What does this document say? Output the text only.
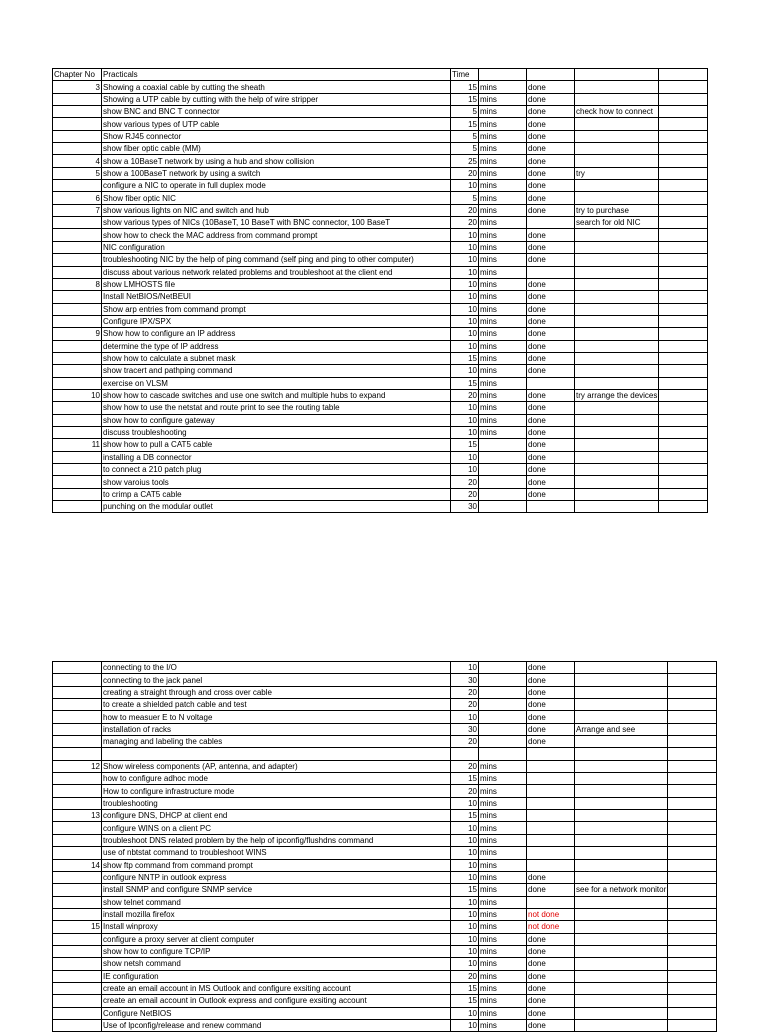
Chapter No	Practicals	Time				
3	Showing a coaxial cable by cutting the sheath	15	mins	done		
	Showing a UTP cable by cutting with the help of wire stripper	15	mins	done		
	show BNC and BNC T connector	5	mins	done	check how to connect	
	show various types of UTP cable	15	mins	done		
	Show RJ45 connector	5	mins	done		
	show fiber optic cable (MM)	5	mins	done		
4	show a 10BaseT network by using a hub and show collision	25	mins	done		
5	show a 100BaseT network by using a switch	20	mins	done	try	
	configure a NIC to operate in full duplex mode	10	mins	done		
6	Show fiber optic NIC	5	mins	done		
7	show various lights on NIC and switch and hub	20	mins	done	try to purchase	
	show various types of NICs (10BaseT, 10 BaseT with BNC connector, 100 BaseT	20	mins		search for old NIC	
	show how to check the MAC address from command prompt	10	mins	done		
	NIC configuration	10	mins	done		
	troubleshooting NIC by the help of ping command (self ping and ping to other computer)	10	mins	done		
	discuss about various network related problems and troubleshoot at the client end	10	mins			
8	show LMHOSTS file	10	mins	done		
	Install NetBIOS/NetBEUI	10	mins	done		
	Show arp entries from command prompt	10	mins	done		
	Configure IPX/SPX	10	mins	done		
9	Show how to configure an IP address	10	mins	done		
	determine the type of IP address	10	mins	done		
	show how to calculate a subnet mask	15	mins	done		
	show tracert and pathping command	10	mins	done		
	exercise on VLSM	15	mins			
10	show how to cascade switches and use one switch and multiple hubs to expand	20	mins	done	try arrange the devices	
	show how to use the netstat and route print to see the routing table	10	mins	done		
	show how to configure gateway	10	mins	done		
	discuss troubleshooting	10	mins	done		
11	show how to pull a CAT5 cable	15		done		
	installing a DB connector	10		done		
	to connect a 210 patch plug	10		done		
	show varoius tools	20		done		
	to crimp a CAT5 cable	20		done		
	punching on the modular outlet	30				
	connecting to the I/O	10		done		
	connecting to the jack panel	30		done		
	creating a straight through and cross over cable	20		done		
	to create a shielded patch cable and test	20		done		
	how to measuer E to N voltage	10		done		
	installation of racks	30		done	Arrange and see	
	managing and labeling the cables	20		done		

12	Show wireless components (AP, antenna, and adapter)	20	mins			
	how to configure adhoc mode	15	mins			
	How to configure infrastructure mode	20	mins			
	troubleshooting	10	mins			
13	configure DNS, DHCP at client end	15	mins			
	configure WINS on a client PC	10	mins			
	troubleshoot DNS related problem by the help of ipconfig/flushdns command	10	mins			
	use of nbtstat command to troubleshoot WINS	10	mins			
14	show ftp command from command prompt	10	mins			
	configure NNTP in outlook express	10	mins	done		
	install SNMP and configure SNMP service	15	mins	done	see for a network monitor	
	show telnet command	10	mins			
	install mozilla firefox	10	mins	not done		
15	Install winproxy	10	mins	not done		
	configure a proxy server at client computer	10	mins	done		
	show how to configure TCP/IP	10	mins	done		
	show netsh command	10	mins	done		
	IE configuration	20	mins	done		
	create an email account in MS Outlook and configure exsiting account	15	mins	done		
	create an email account in Outlook express and configure exsiting account	15	mins	done		
	Configure NetBIOS	10	mins	done		
	Use of lpconfig/release and renew command	10	mins	done		
